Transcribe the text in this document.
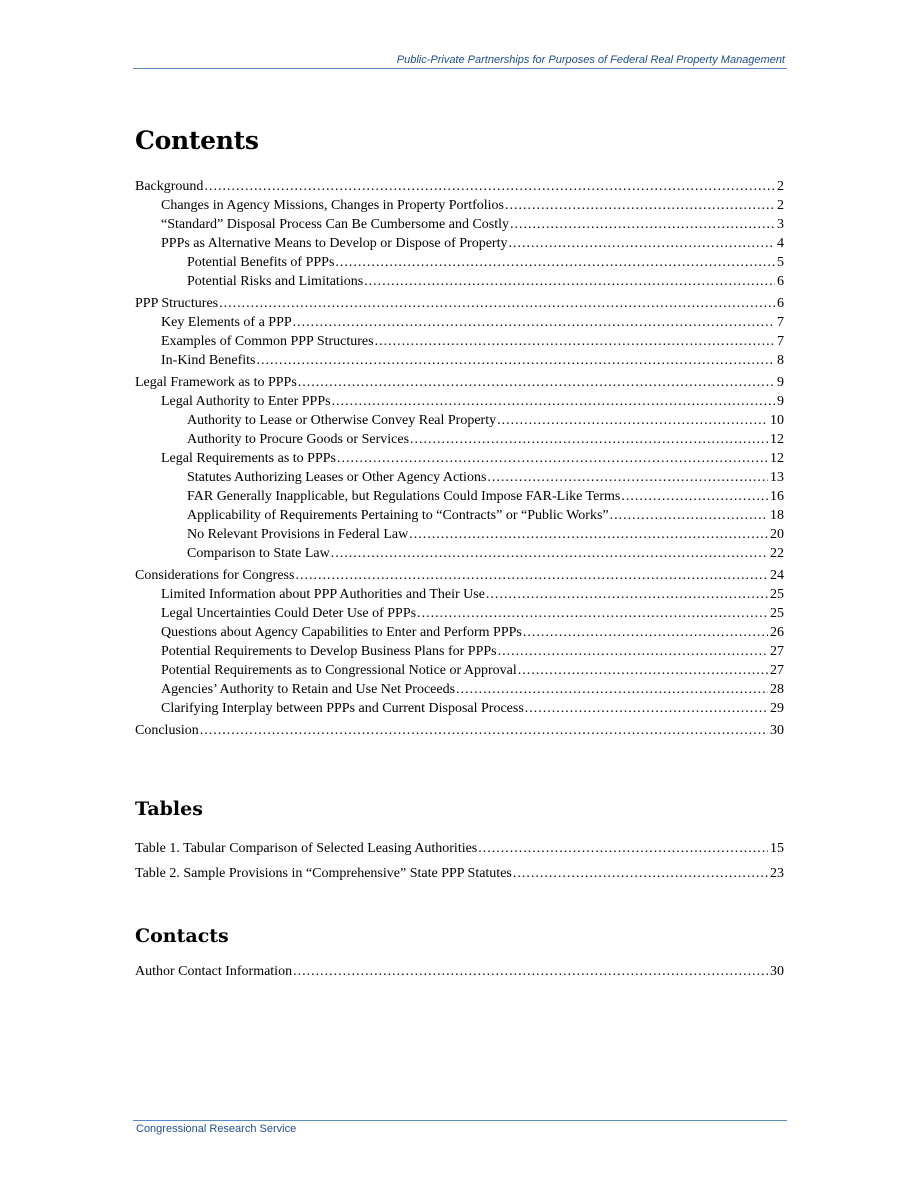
Public-Private Partnerships for Purposes of Federal Real Property Management
Contents
Background .....	2
Changes in Agency Missions, Changes in Property Portfolios .....	2
“Standard” Disposal Process Can Be Cumbersome and Costly .....	3
PPPs as Alternative Means to Develop or Dispose of Property .....	4
Potential Benefits of PPPs .....	5
Potential Risks and Limitations .....	6
PPP Structures .....	6
Key Elements of a PPP .....	7
Examples of Common PPP Structures .....	7
In-Kind Benefits .....	8
Legal Framework as to PPPs .....	9
Legal Authority to Enter PPPs .....	9
Authority to Lease or Otherwise Convey Real Property .....	10
Authority to Procure Goods or Services .....	12
Legal Requirements as to PPPs .....	12
Statutes Authorizing Leases or Other Agency Actions .....	13
FAR Generally Inapplicable, but Regulations Could Impose FAR-Like Terms .....	16
Applicability of Requirements Pertaining to “Contracts” or “Public Works” .....	18
No Relevant Provisions in Federal Law .....	20
Comparison to State Law .....	22
Considerations for Congress .....	24
Limited Information about PPP Authorities and Their Use .....	25
Legal Uncertainties Could Deter Use of PPPs .....	25
Questions about Agency Capabilities to Enter and Perform PPPs .....	26
Potential Requirements to Develop Business Plans for PPPs .....	27
Potential Requirements as to Congressional Notice or Approval .....	27
Agencies’ Authority to Retain and Use Net Proceeds .....	28
Clarifying Interplay between PPPs and Current Disposal Process .....	29
Conclusion .....	30
Tables
Table 1. Tabular Comparison of Selected Leasing Authorities .....	15
Table 2. Sample Provisions in “Comprehensive” State PPP Statutes .....	23
Contacts
Author Contact Information .....	30
Congressional Research Service
